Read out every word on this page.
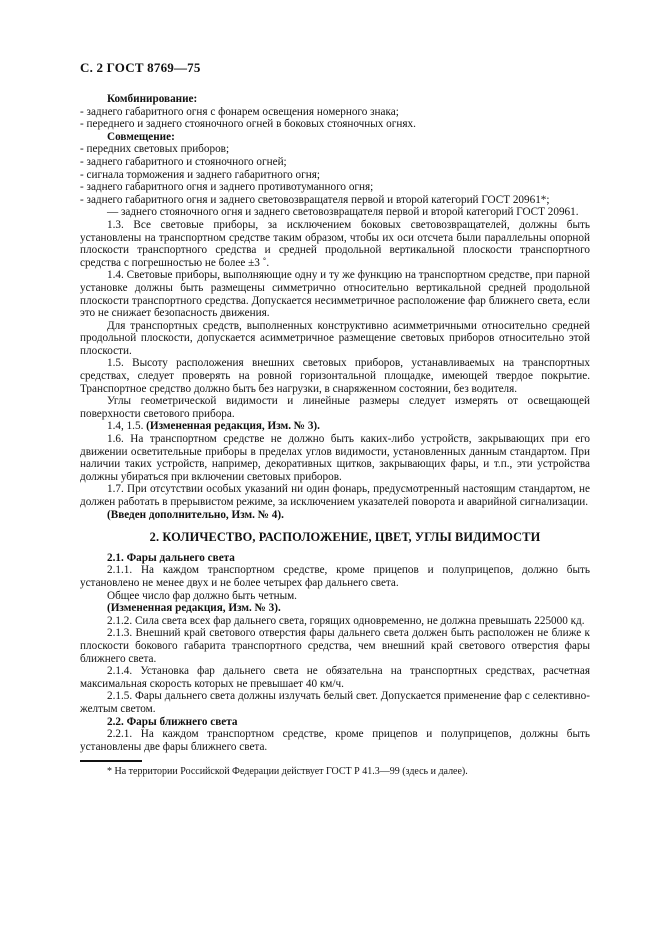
С. 2 ГОСТ 8769—75

Комбинирование:

- заднего габаритного огня с фонарем освещения номерного знака;

- переднего и заднего стояночного огней в боковых стояночных огнях.

Совмещение:

- передних световых приборов;

- заднего габаритного и стояночного огней;

- сигнала торможения и заднего габаритного огня;

- заднего габаритного огня и заднего противотуманного огня;

- заднего габаритного огня и заднего световозвращателя первой и второй категорий ГОСТ 20961*;

— заднего стояночного огня и заднего световозвращателя первой и второй категорий ГОСТ 20961.

1.3. Все световые приборы, за исключением боковых световозвращателей, должны быть установлены на транспортном средстве таким образом, чтобы их оси отсчета были параллельны опорной плоскости транспортного средства и средней продольной вертикальной плоскости транспортного средства с погрешностью не более ±3 ˚.

1.4. Световые приборы, выполняющие одну и ту же функцию на транспортном средстве, при парной установке должны быть размещены симметрично относительно вертикальной средней продольной плоскости транспортного средства. Допускается несимметричное расположение фар ближнего света, если это не снижает безопасность движения.

Для транспортных средств, выполненных конструктивно асимметричными относительно средней продольной плоскости, допускается асимметричное размещение световых приборов относительно этой плоскости.

1.5. Высоту расположения внешних световых приборов, устанавливаемых на транспортных средствах, следует проверять на ровной горизонтальной площадке, имеющей твердое покрытие. Транспортное средство должно быть без нагрузки, в снаряженном состоянии, без водителя.

Углы геометрической видимости и линейные размеры следует измерять от освещающей поверхности светового прибора.

1.4, 1.5. (Измененная редакция, Изм. № 3).

1.6. На транспортном средстве не должно быть каких-либо устройств, закрывающих при его движении осветительные приборы в пределах углов видимости, установленных данным стандартом. При наличии таких устройств, например, декоративных щитков, закрывающих фары, и т.п., эти устройства должны убираться при включении световых приборов.

1.7. При отсутствии особых указаний ни один фонарь, предусмотренный настоящим стандартом, не должен работать в прерывистом режиме, за исключением указателей поворота и аварийной сигнализации.

(Введен дополнительно, Изм. № 4).

2. КОЛИЧЕСТВО, РАСПОЛОЖЕНИЕ, ЦВЕТ, УГЛЫ ВИДИМОСТИ

2.1. Фары дальнего света

2.1.1. На каждом транспортном средстве, кроме прицепов и полуприцепов, должно быть установлено не менее двух и не более четырех фар дальнего света.

Общее число фар должно быть четным.

(Измененная редакция, Изм. № 3).

2.1.2. Сила света всех фар дальнего света, горящих одновременно, не должна превышать 225000 кд.

2.1.3. Внешний край светового отверстия фары дальнего света должен быть расположен не ближе к плоскости бокового габарита транспортного средства, чем внешний край светового отверстия фары ближнего света.

2.1.4. Установка фар дальнего света не обязательна на транспортных средствах, расчетная максимальная скорость которых не превышает 40 км/ч.

2.1.5. Фары дальнего света должны излучать белый свет. Допускается применение фар с селективно-желтым светом.

2.2. Фары ближнего света

2.2.1. На каждом транспортном средстве, кроме прицепов и полуприцепов, должны быть установлены две фары ближнего света.

* На территории Российской Федерации действует ГОСТ Р 41.3—99 (здесь и далее).
